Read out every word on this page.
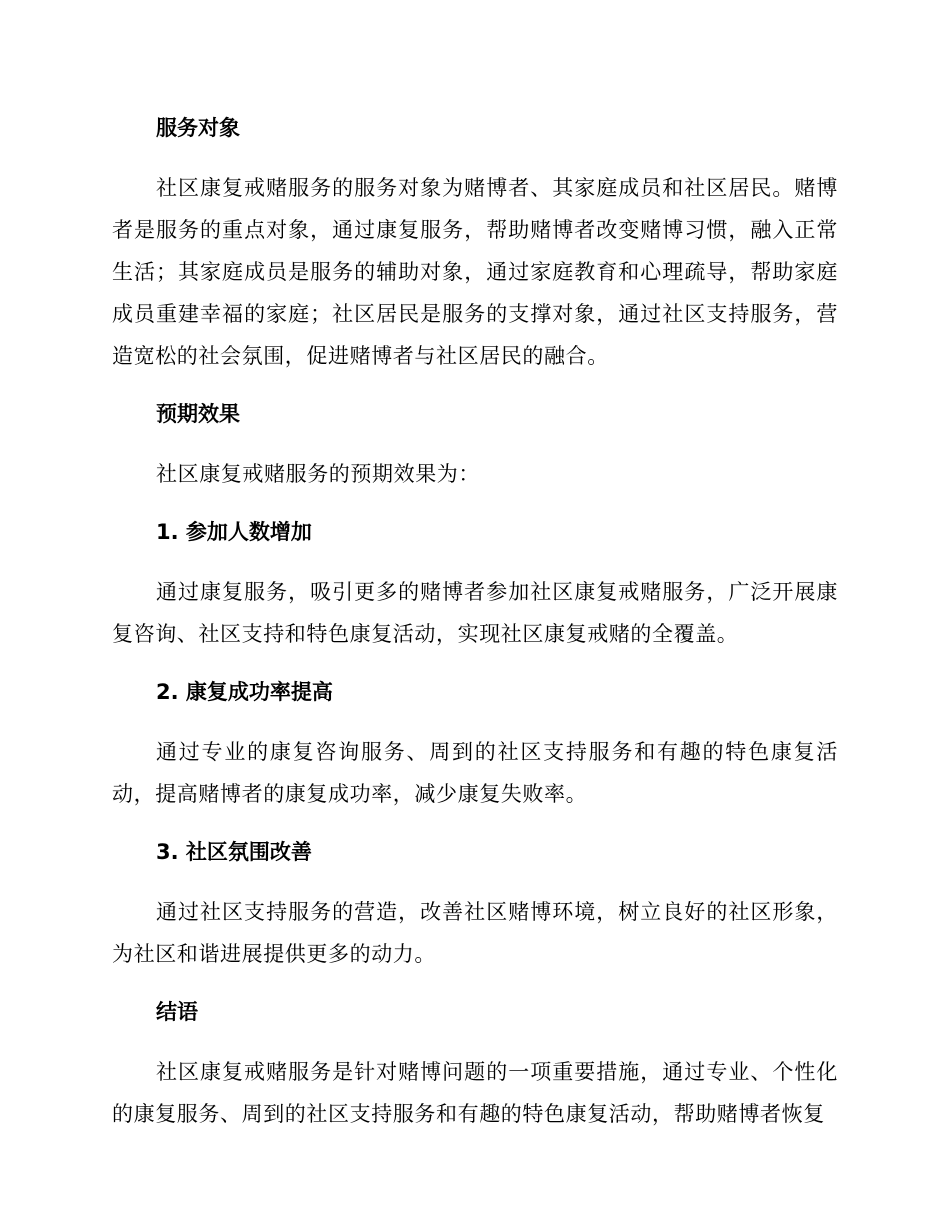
服务对象

社区康复戒赌服务的服务对象为赌博者、其家庭成员和社区居民。赌博者是服务的重点对象，通过康复服务，帮助赌博者改变赌博习惯，融入正常生活；其家庭成员是服务的辅助对象，通过家庭教育和心理疏导，帮助家庭成员重建幸福的家庭；社区居民是服务的支撑对象，通过社区支持服务，营造宽松的社会氛围，促进赌博者与社区居民的融合。

预期效果

社区康复戒赌服务的预期效果为：

1. 参加人数增加

通过康复服务，吸引更多的赌博者参加社区康复戒赌服务，广泛开展康复咨询、社区支持和特色康复活动，实现社区康复戒赌的全覆盖。

2. 康复成功率提高

通过专业的康复咨询服务、周到的社区支持服务和有趣的特色康复活动，提高赌博者的康复成功率，减少康复失败率。

3. 社区氛围改善

通过社区支持服务的营造，改善社区赌博环境，树立良好的社区形象，为社区和谐进展提供更多的动力。

结语

社区康复戒赌服务是针对赌博问题的一项重要措施，通过专业、个性化的康复服务、周到的社区支持服务和有趣的特色康复活动，帮助赌博者恢复
